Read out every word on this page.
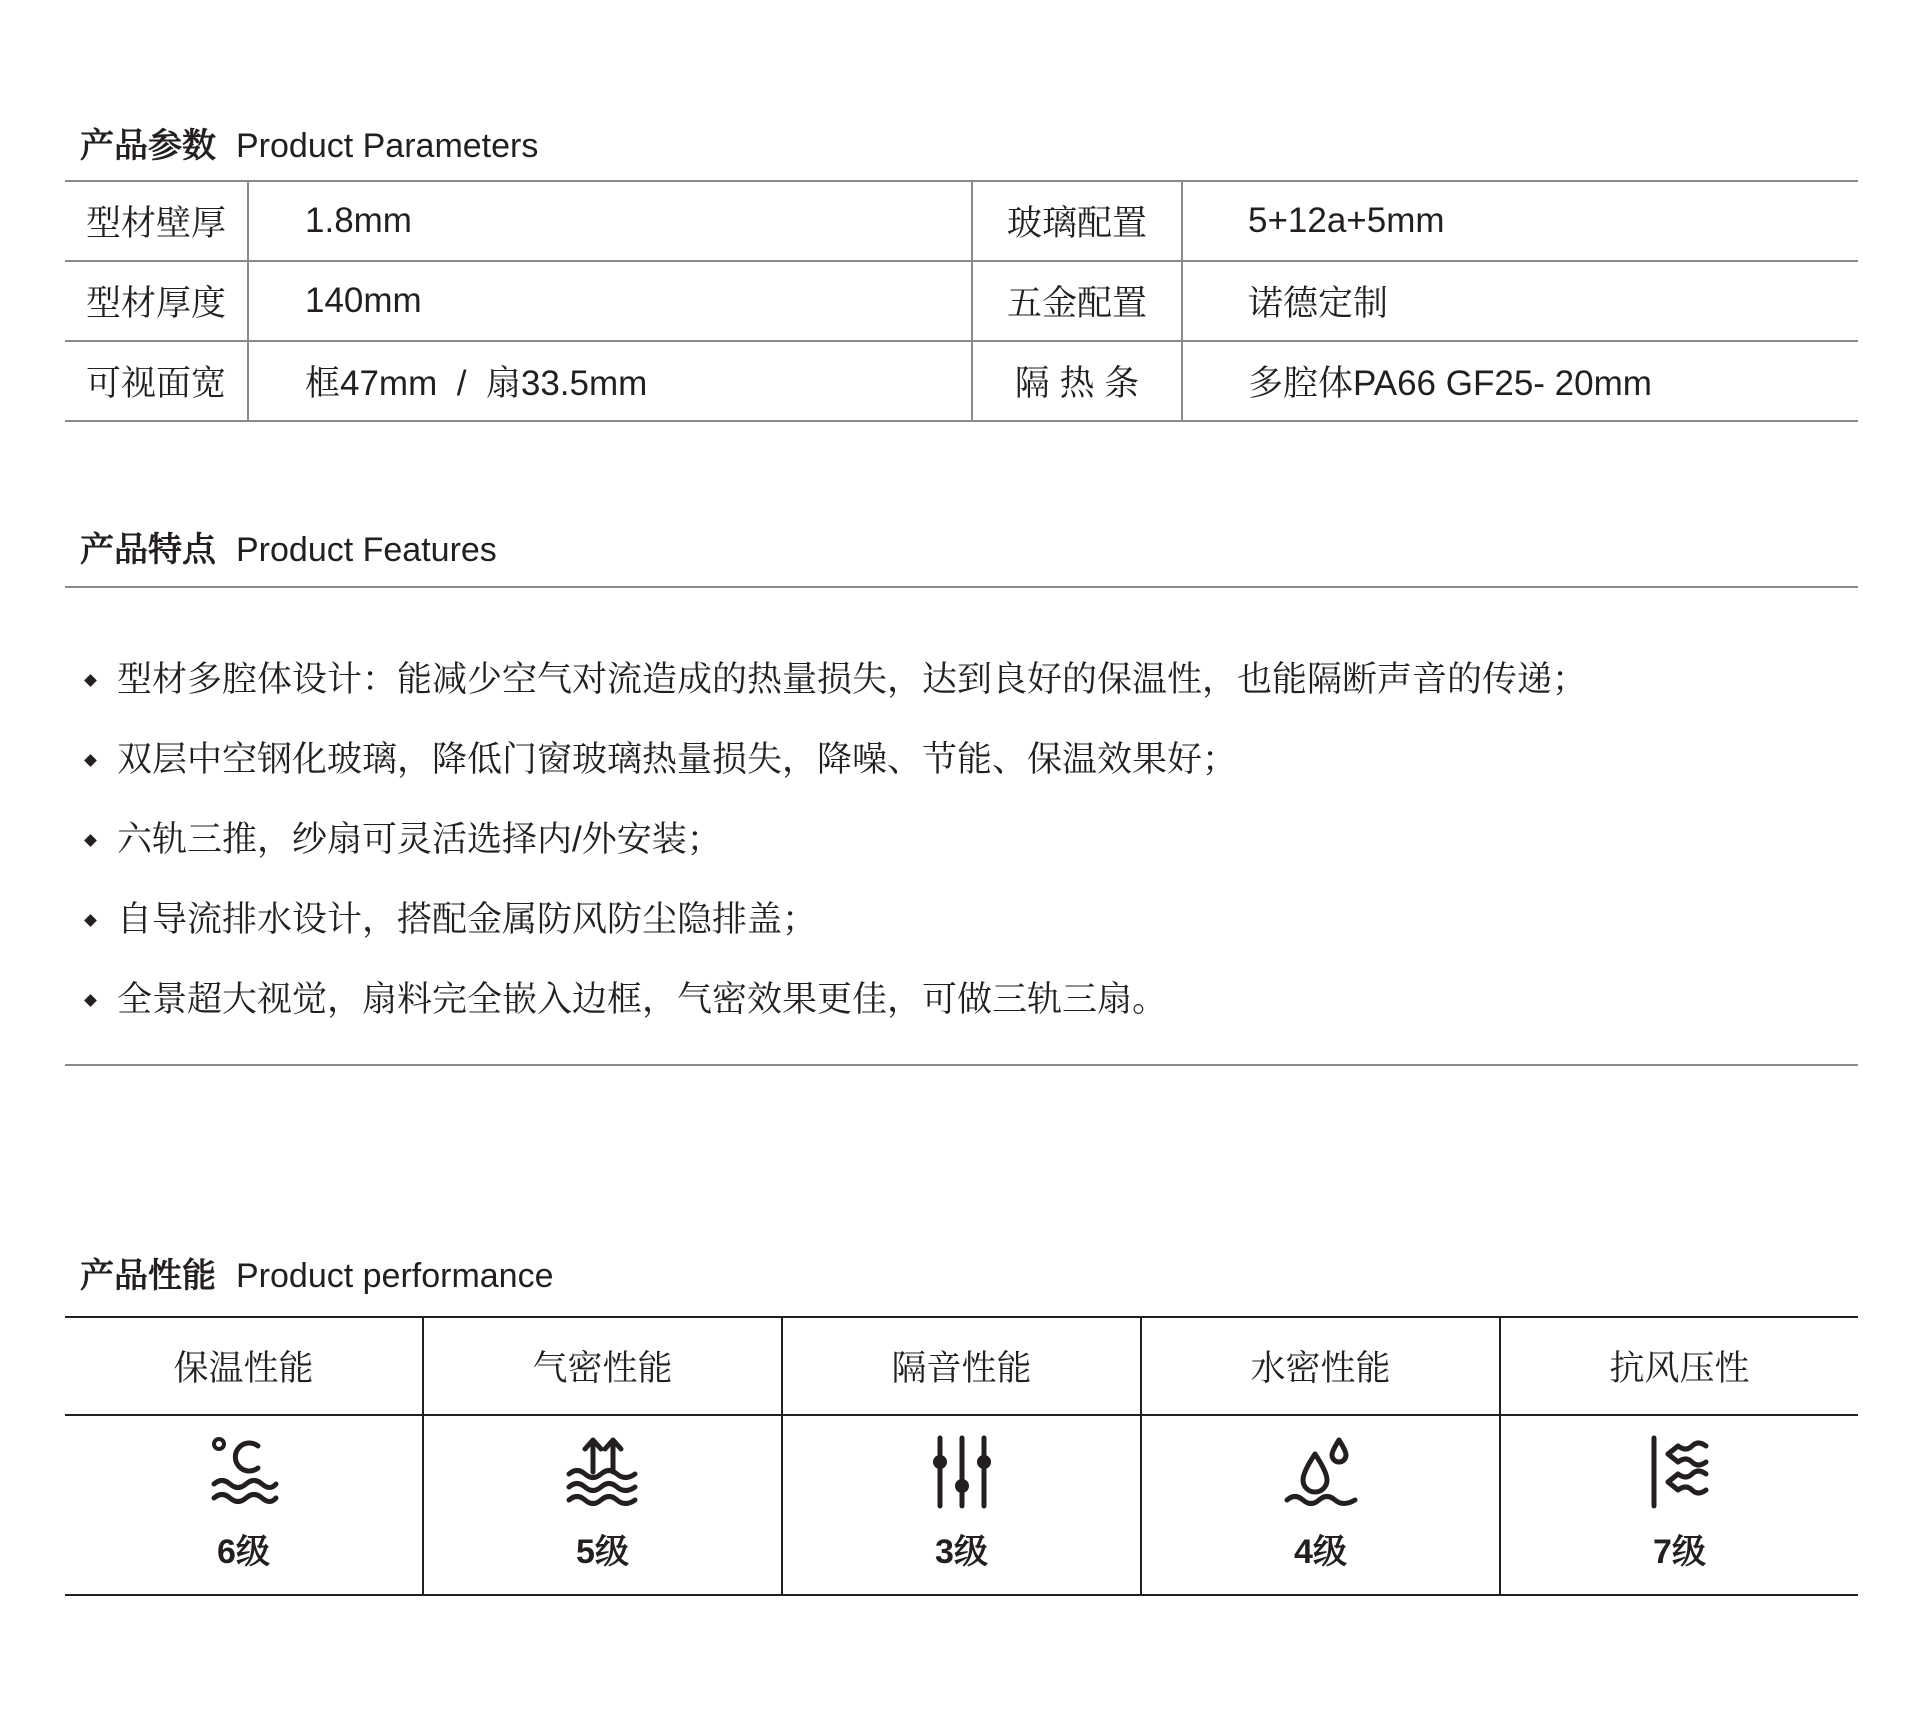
产品参数 Product Parameters
型材壁厚	1.8mm	玻璃配置	5+12a+5mm
型材厚度	140mm	五金配置	诺德定制
可视面宽	框47mm  /  扇33.5mm	隔 热 条	多腔体PA66 GF25- 20mm
产品特点 Product Features
型材多腔体设计：能减少空气对流造成的热量损失，达到良好的保温性，也能隔断声音的传递；
双层中空钢化玻璃，降低门窗玻璃热量损失，降噪、节能、保温效果好；
六轨三推，纱扇可灵活选择内/外安装；
自导流排水设计，搭配金属防风防尘隐排盖；
全景超大视觉，扇料完全嵌入边框，气密效果更佳，可做三轨三扇。
产品性能 Product performance
保温性能	气密性能	隔音性能	水密性能	抗风压性
6级	5级	3级	4级	7级
